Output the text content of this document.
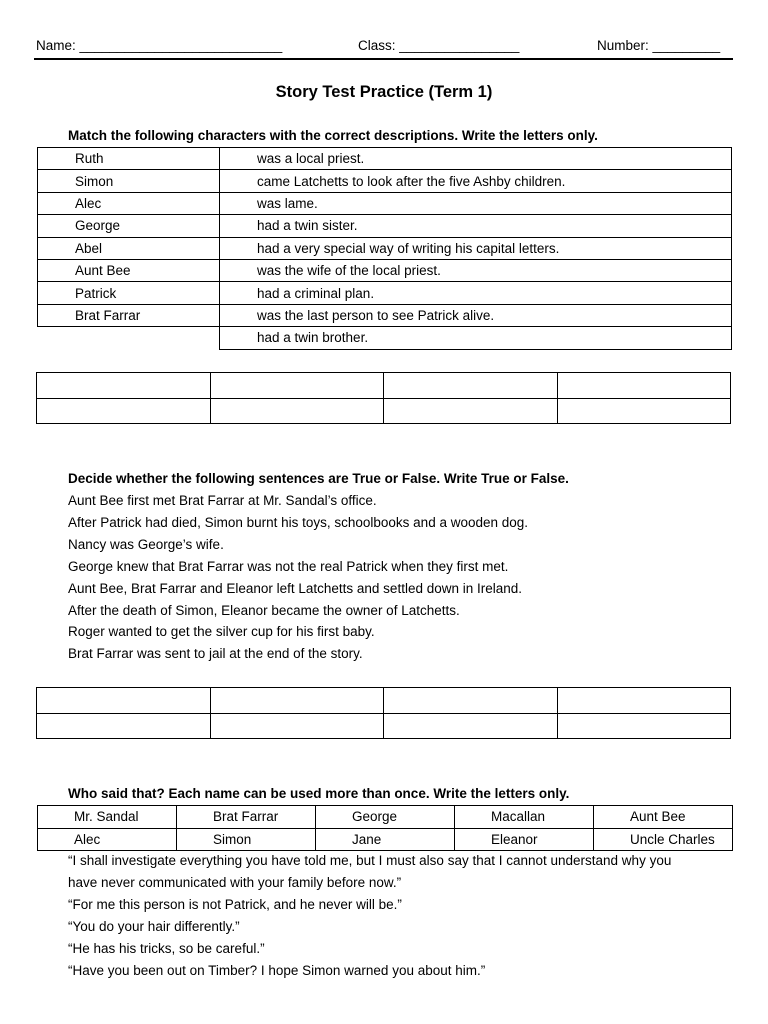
Name: ___________________________	Class: ________________	Number: _________
Story Test Practice (Term 1)
Match the following characters with the correct descriptions. Write the letters only.
Ruth	was a local priest.
Simon	came Latchetts to look after the five Ashby children.
Alec	was lame.
George	had a twin sister.
Abel	had a very special way of writing his capital letters.
Aunt Bee	was the wife of the local priest.
Patrick	had a criminal plan.
Brat Farrar	was the last person to see Patrick alive.
	had a twin brother.

Decide whether the following sentences are True or False. Write True or False.
Aunt Bee first met Brat Farrar at Mr. Sandal’s office.
After Patrick had died, Simon burnt his toys, schoolbooks and a wooden dog.
Nancy was George’s wife.
George knew that Brat Farrar was not the real Patrick when they first met.
Aunt Bee, Brat Farrar and Eleanor left Latchetts and settled down in Ireland.
After the death of Simon, Eleanor became the owner of Latchetts.
Roger wanted to get the silver cup for his first baby.
Brat Farrar was sent to jail at the end of the story.

Who said that? Each name can be used more than once. Write the letters only.
Mr. Sandal	Brat Farrar	George	Macallan	Aunt Bee
Alec	Simon	Jane	Eleanor	Uncle Charles
“I shall investigate everything you have told me, but I must also say that I cannot understand why you
have never communicated with your family before now.”
“For me this person is not Patrick, and he never will be.”
“You do your hair differently.”
“He has his tricks, so be careful.”
“Have you been out on Timber? I hope Simon warned you about him.”
